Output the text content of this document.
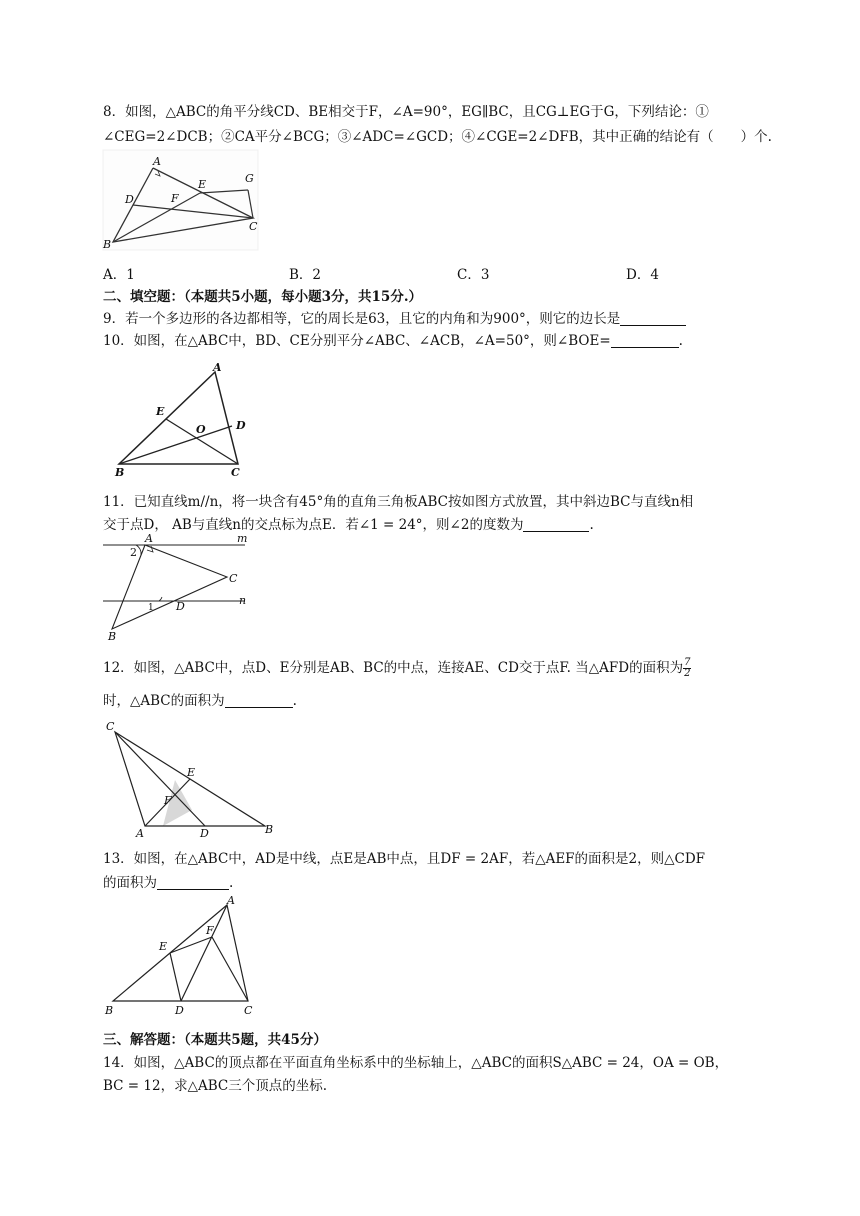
8．如图，△ABC的角平分线CD、BE相交于F，∠A=90°，EG∥BC，且CG⊥EG于G，下列结论：①
∠CEG=2∠DCB；②CA平分∠BCG；③∠ADC=∠GCD；④∠CGE=2∠DFB，其中正确的结论有（　　）个.
A
E	G
D	F
C
B
A．1	B．2	C．3	D．4
二、填空题：（本题共5小题，每小题3分，共15分.）
9．若一个多边形的各边都相等，它的周长是63，且它的内角和为900°，则它的边长是
10．如图，在△ABC中，BD、CE分别平分∠ABC、∠ACB，∠A=50°，则∠BOE=	.
A
E
O	D
B	C
11．已知直线m//n，将一块含有45°角的直角三角板ABC按如图方式放置，其中斜边BC与直线n相
交于点D， AB与直线n的交点标为点E．若∠1 = 24°，则∠2的度数为	.
A	m
2
C
1 D	n
B
12．如图，△ABC中，点D、E分别是AB、BC的中点，连接AE、CD交于点F. 当△AFD的面积为 $\frac{7}{2}$
时，△ABC的面积为	.
C
E
F
A	D	B
13．如图，在△ABC中，AD是中线，点E是AB中点，且DF = 2AF，若△AEF的面积是2，则△CDF
的面积为	.
A
F
E
B	D	C
三、解答题：（本题共5题，共45分）
14．如图，△ABC的顶点都在平面直角坐标系中的坐标轴上，△ABC的面积S△ABC = 24，OA = OB，
BC = 12，求△ABC三个顶点的坐标.
